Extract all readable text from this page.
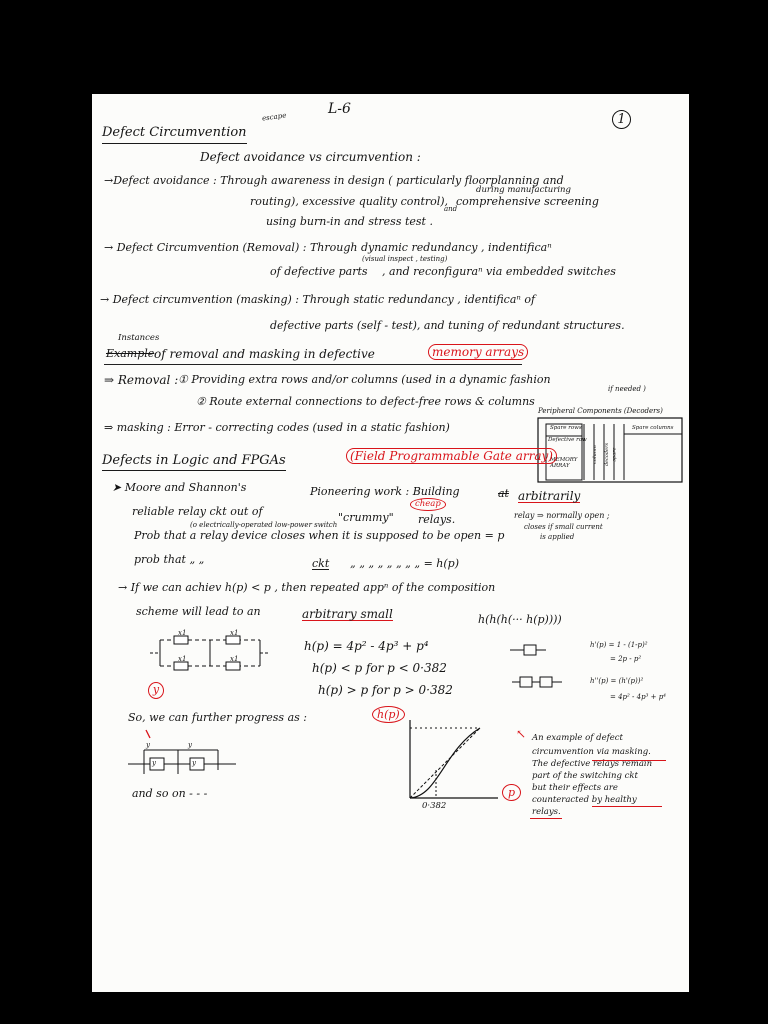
L-6
1
escape
Defect Circumvention
Defect avoidance vs circumvention :
→Defect avoidance : Through awareness in design ( particularly floorplanning and
during manufacturing
routing), excessive quality control), comprehensive screening
and
using burn-in and stress test .
→ Defect Circumvention (Removal) : Through dynamic redundancy , indentificaⁿ
(visual inspect , testing)
of defective parts , and reconfiguraⁿ via embedded switches
→ Defect circumvention (masking) : Through static redundancy , identificaⁿ of
defective parts (self - test), and tuning of redundant structures.
Instances
Example of removal and masking in defective	memory arrays
⇒ Removal : ① Providing extra rows and/or columns (used in a dynamic fashion
if needed )
② Route external connections to defect-free rows & columns
⇒ masking : Error - correcting codes (used in a static fashion)
Peripheral Components (Decoders)
Spare rows	Spare columns
Defective row
MEMORY ARRAY
column decoders spare
Defects in Logic and FPGAs	(Field Programmable Gate array)
➤ Moore and Shannon's	Pioneering work : Building	at arbitrarily
reliable relay ckt out of	"crummy" relays.
cheap
(o electrically-operated low-power switch
relay ⇒ normally open ;
closes if small current
is applied
Prob that a relay device closes when it is supposed to be open = p
prob that „ „	ckt „ „ „ „ „ „ „ „ = h(p)
→ If we can achiev h(p) < p , then repeated appⁿ of the composition
scheme will lead to an	arbitrary small	h(h(h(··· h(p))))
x1	x1
x1	x1
y
h(p) = 4p² - 4p³ + p⁴
h(p) < p for p < 0·382
h(p) > p for p > 0·382
h'(p) = 1 - (1-p)²
= 2p - p²
h''(p) = (h'(p))²
= 4p² - 4p³ + p⁴
So, we can further progress as :
y	y
y	y
and so on - - -
h(p)
p
0·382
↖ An example of defect
circumvention via masking.
The defective relays remain
part of the switching ckt
but their effects are
counteracted by healthy
relays.
